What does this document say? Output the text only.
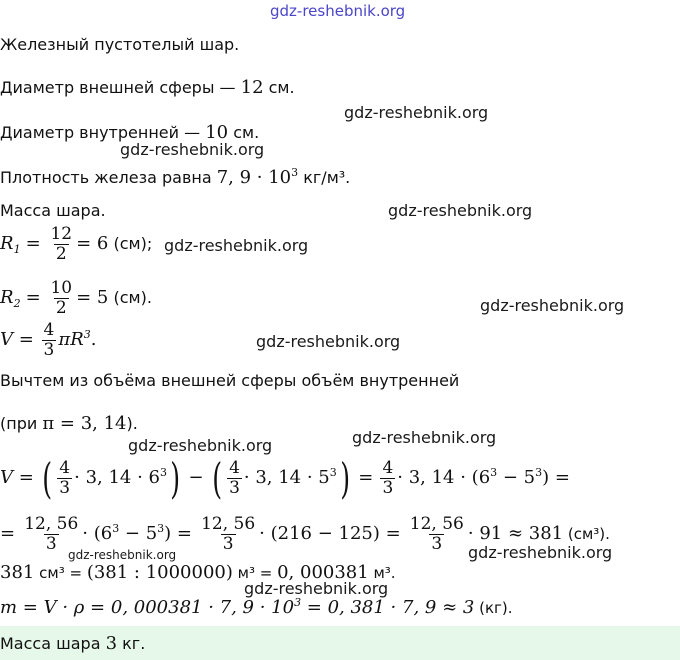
gdz-reshebnik.org
Железный пустотелый шар.
Диаметр внешней сферы — 12 см.
gdz-reshebnik.org
Диаметр внутренней — 10 см.
gdz-reshebnik.org
Плотность железа равна 7, $9 \cdot 10^3$ кг/м³.
Масса шара.	gdz-reshebnik.org
$R_1 = \frac{12}{2} = 6$ (см); gdz-reshebnik.org
$R_2 = \frac{10}{2} = 5$ (см).	gdz-reshebnik.org
$V = \frac{4}{3} \pi R^3$.	gdz-reshebnik.org
Вычтем из объёма внешней сферы объём внутренней
(при π = 3, 14).
gdz-reshebnik.org
gdz-reshebnik.org
V = ( $\frac{4}{3} \cdot 3$, $14 \cdot 6^3$) − ( $\frac{4}{3} \cdot 3$, $14 \cdot 5^3) = \frac{4}{3} \cdot 3$, $14 \cdot (6^3 - 5^3)$ =
= $\frac{12, 56}{3} \cdot (6^3 - 5^3) = \frac{12, 56}{3} \cdot (216 - 125) = \frac{12, 56}{3} \cdot 91 \approx 381$ (см³).
gdz-reshebnik.org	gdz-reshebnik.org
381 см³ = (381 : 1000000) м³ = 0, 000381 м³.
gdz-reshebnik.org
m = V · ρ = 0, 000381 · 7, $9 \cdot 10^3 = 0$, 381 · 7, 9 ≈ 3 (кг).
Масса шара 3 кг.
